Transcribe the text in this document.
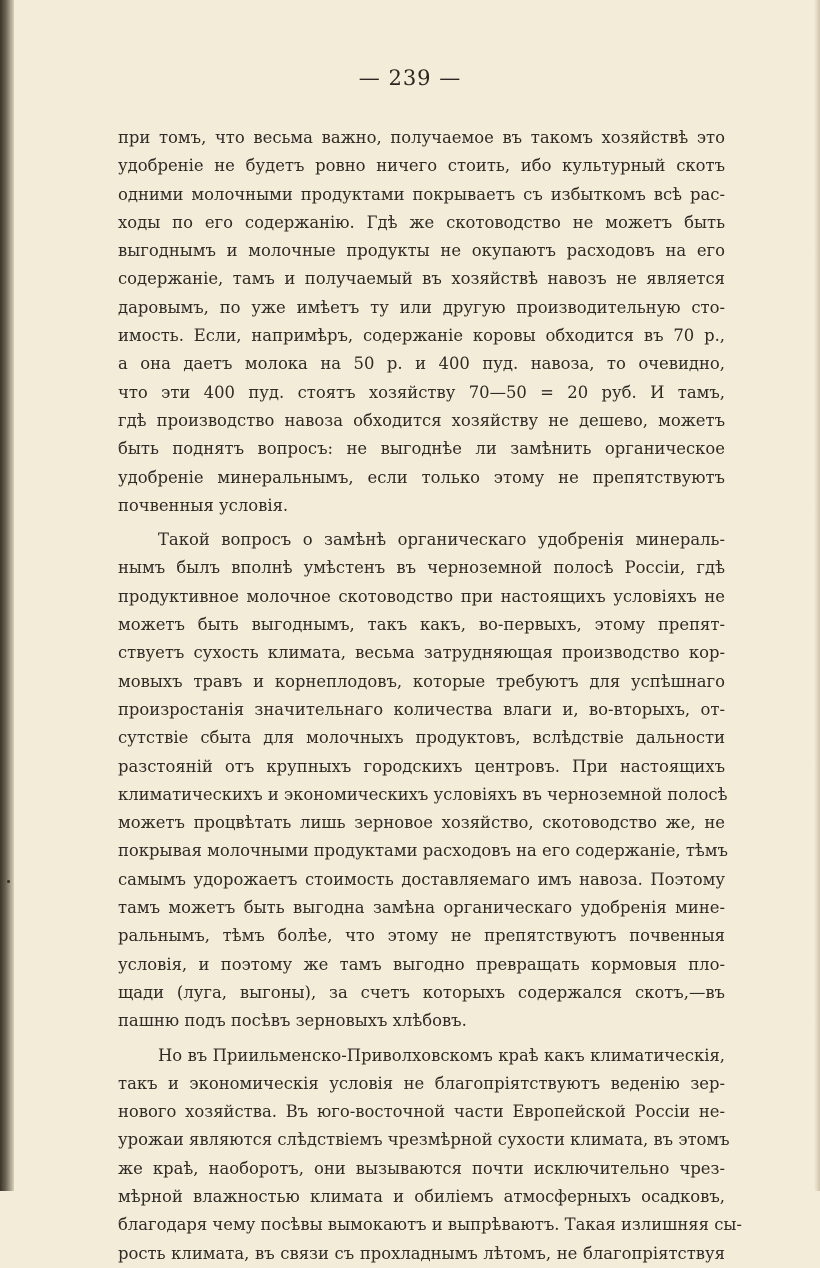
— 239 —
при томъ, что весьма важно, получаемое въ такомъ хозяйствѣ это
удобреніе не будетъ ровно ничего стоить, ибо культурный скотъ
одними молочными продуктами покрываетъ съ избыткомъ всѣ рас-
ходы по его содержанію. Гдѣ же скотоводство не можетъ быть
выгоднымъ и молочные продукты не окупаютъ расходовъ на его
содержаніе, тамъ и получаемый въ хозяйствѣ навозъ не является
даровымъ, по уже имѣетъ ту или другую производительную сто-
имость. Если, напримѣръ, содержаніе коровы обходится въ 70 р.,
а она даетъ молока на 50 р. и 400 пуд. навоза, то очевидно,
что эти 400 пуд. стоятъ хозяйству 70—50 = 20 руб. И тамъ,
гдѣ производство навоза обходится хозяйству не дешево, можетъ
быть поднятъ вопросъ: не выгоднѣе ли замѣнить органическое
удобреніе минеральнымъ, если только этому не препятствуютъ
почвенныя условія.
Такой вопросъ о замѣнѣ органическаго удобренія минераль-
нымъ былъ вполнѣ умѣстенъ въ черноземной полосѣ Россіи, гдѣ
продуктивное молочное скотоводство при настоящихъ условіяхъ не
можетъ быть выгоднымъ, такъ какъ, во-первыхъ, этому препят-
ствуетъ сухость климата, весьма затрудняющая производство кор-
мовыхъ травъ и корнеплодовъ, которые требуютъ для успѣшнаго
произростанія значительнаго количества влаги и, во-вторыхъ, от-
сутствіе сбыта для молочныхъ продуктовъ, вслѣдствіе дальности
разстояній отъ крупныхъ городскихъ центровъ. При настоящихъ
климатическихъ и экономическихъ условіяхъ въ черноземной полосѣ
можетъ процвѣтать лишь зерновое хозяйство, скотоводство же, не
покрывая молочными продуктами расходовъ на его содержаніе, тѣмъ
самымъ удорожаетъ стоимость доставляемаго имъ навоза. Поэтому
тамъ можетъ быть выгодна замѣна органическаго удобренія мине-
ральнымъ, тѣмъ болѣе, что этому не препятствуютъ почвенныя
условія, и поэтому же тамъ выгодно превращать кормовыя пло-
щади (луга, выгоны), за счетъ которыхъ содержался скотъ,—въ
пашню подъ посѣвъ зерновыхъ хлѣбовъ.
Но въ Приильменско-Приволховскомъ краѣ какъ климатическія,
такъ и экономическія условія не благопріятствуютъ веденію зер-
нового хозяйства. Въ юго-восточной части Европейской Россіи не-
урожаи являются слѣдствіемъ чрезмѣрной сухости климата, въ этомъ
же краѣ, наоборотъ, они вызываются почти исключительно чрез-
мѣрной влажностью климата и обиліемъ атмосферныхъ осадковъ,
благодаря чему посѣвы вымокаютъ и выпрѣваютъ. Такая излишняя сы-
рость климата, въ связи съ прохладнымъ лѣтомъ, не благопріятствуя
